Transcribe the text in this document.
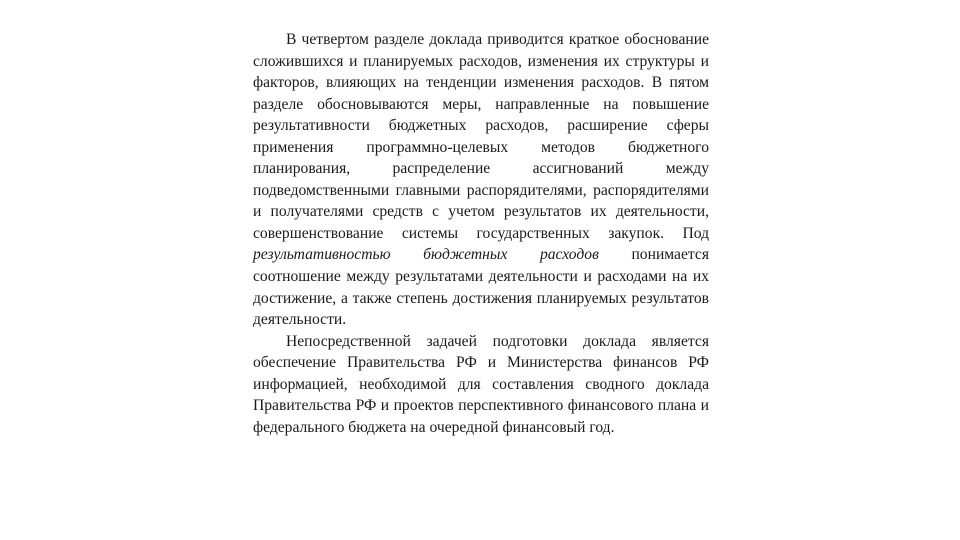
В четвертом разделе доклада приводится краткое обоснование сложившихся и планируемых расходов, изменения их структуры и факторов, влияющих на тенденции изменения расходов. В пятом разделе обосновываются меры, направленные на повышение результативности бюджетных расходов, расширение сферы применения программно-целевых методов бюджетного планирования, распределение ассигнований между подведомственными главными распорядителями, распорядителями и получателями средств с учетом результатов их деятельности, совершенствование системы государственных закупок. Под результативностью бюджетных расходов понимается соотношение между результатами деятельности и расходами на их достижение, а также степень достижения планируемых результатов деятельности.

Непосредственной задачей подготовки доклада является обеспечение Правительства РФ и Министерства финансов РФ информацией, необходимой для составления сводного доклада Правительства РФ и проектов перспективного финансового плана и федерального бюджета на очередной финансовый год.
